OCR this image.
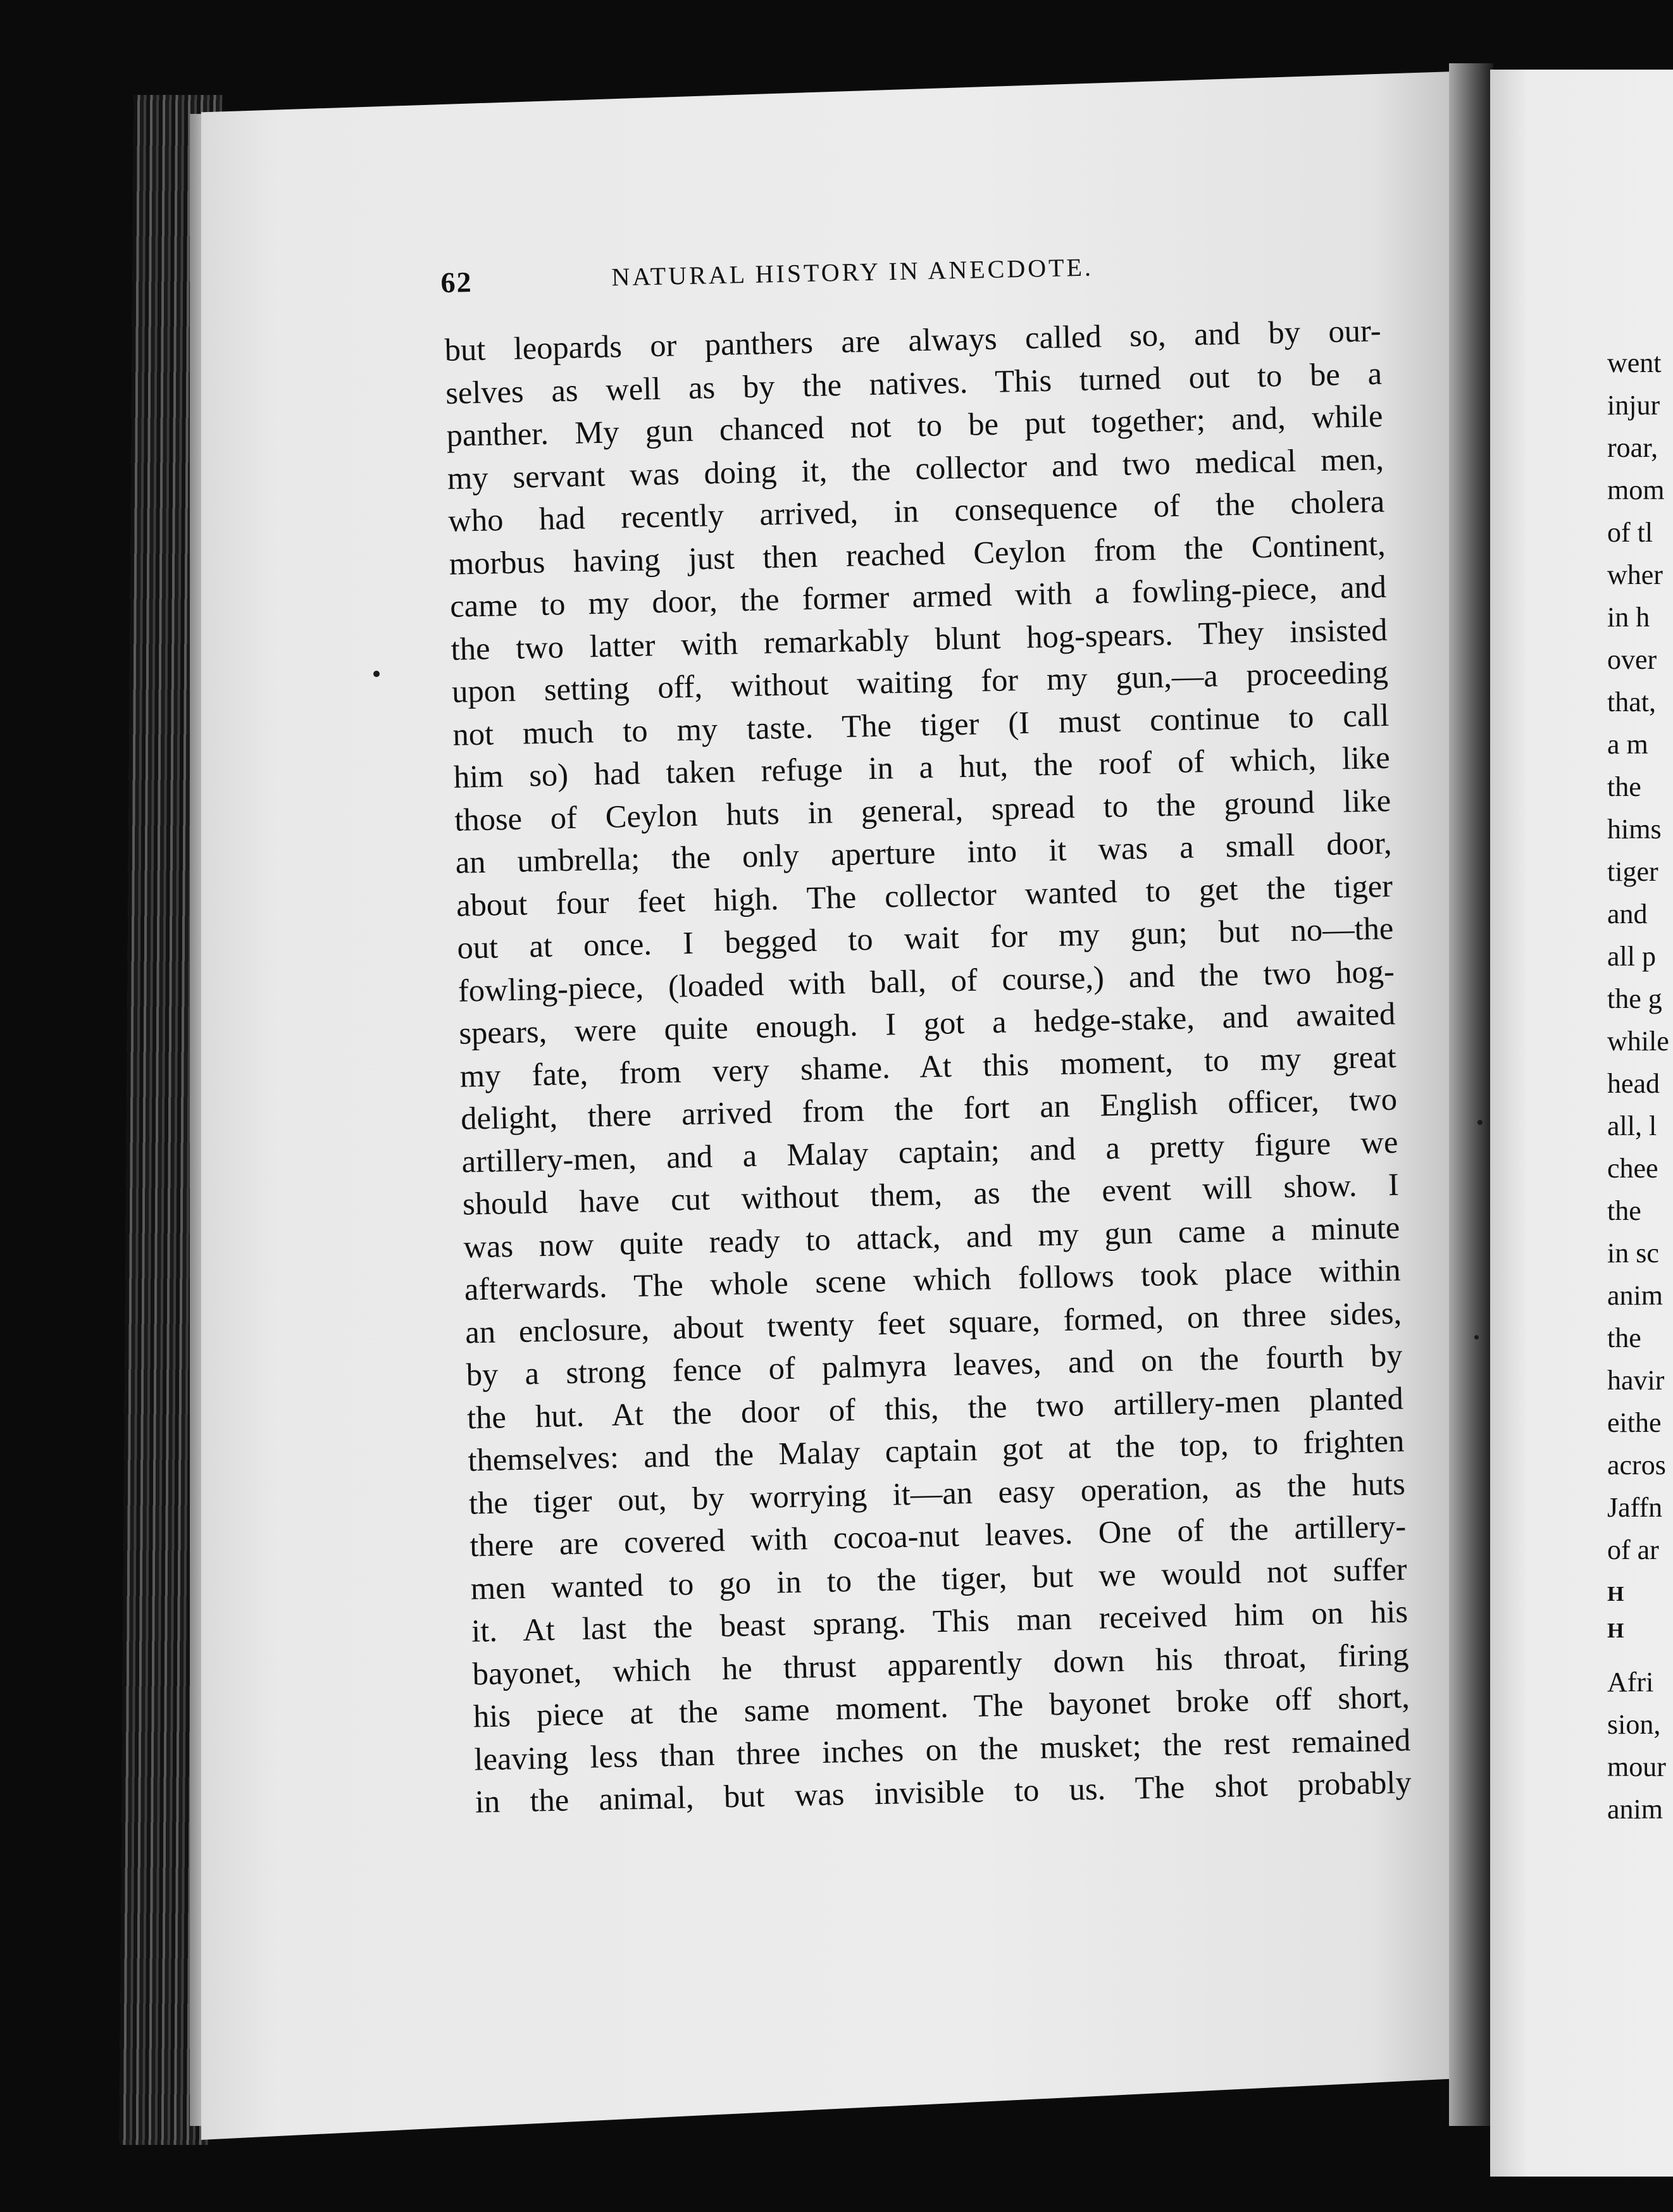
62	NATURAL HISTORY IN ANECDOTE.
but leopards or panthers are always called so, and by our-
selves as well as by the natives. This turned out to be a
panther. My gun chanced not to be put together; and, while
my servant was doing it, the collector and two medical men,
who had recently arrived, in consequence of the cholera
morbus having just then reached Ceylon from the Continent,
came to my door, the former armed with a fowling-piece, and
the two latter with remarkably blunt hog-spears. They insisted
upon setting off, without waiting for my gun,—a proceeding
not much to my taste. The tiger (I must continue to call
him so) had taken refuge in a hut, the roof of which, like
those of Ceylon huts in general, spread to the ground like
an umbrella; the only aperture into it was a small door,
about four feet high. The collector wanted to get the tiger
out at once. I begged to wait for my gun; but no—the
fowling-piece, (loaded with ball, of course,) and the two hog-
spears, were quite enough. I got a hedge-stake, and awaited
my fate, from very shame. At this moment, to my great
delight, there arrived from the fort an English officer, two
artillery-men, and a Malay captain; and a pretty figure we
should have cut without them, as the event will show. I
was now quite ready to attack, and my gun came a minute
afterwards. The whole scene which follows took place within
an enclosure, about twenty feet square, formed, on three sides,
by a strong fence of palmyra leaves, and on the fourth by
the hut. At the door of this, the two artillery-men planted
themselves: and the Malay captain got at the top, to frighten
the tiger out, by worrying it—an easy operation, as the huts
there are covered with cocoa-nut leaves. One of the artillery-
men wanted to go in to the tiger, but we would not suffer
it. At last the beast sprang. This man received him on his
bayonet, which he thrust apparently down his throat, firing
his piece at the same moment. The bayonet broke off short,
leaving less than three inches on the musket; the rest remained
in the animal, but was invisible to us. The shot probably
went
injur
roar,
mom
of tl
wher
in h
over
that,
a m
the
hims
tiger
and
all p
the g
while
head
all, l
chee
the
in sc
anim
the
havir
eithe
acros
Jaffn
of ar
H
H
Afri
sion,
mour
anim
